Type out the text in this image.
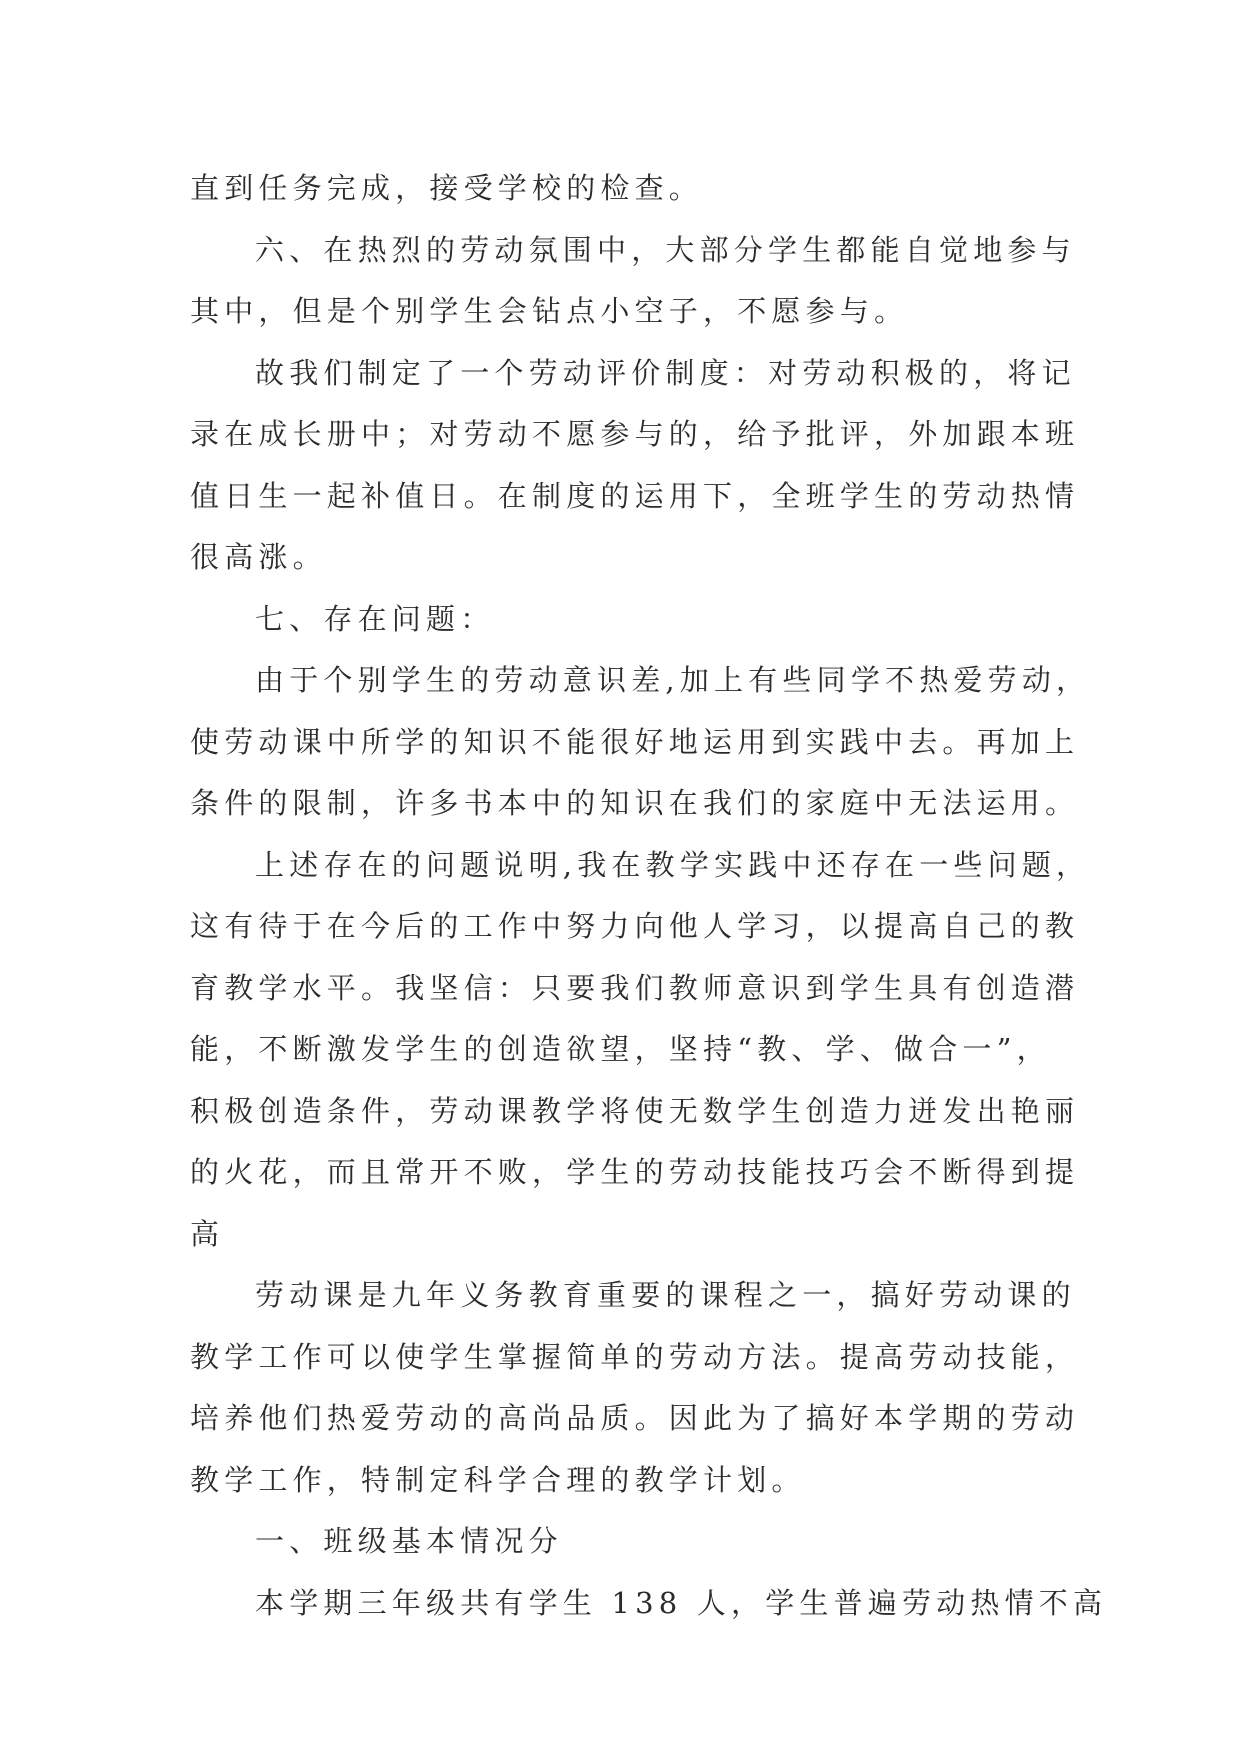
直到任务完成，接受学校的检查。
六、在热烈的劳动氛围中，大部分学生都能自觉地参与
其中，但是个别学生会钻点小空子，不愿参与。
故我们制定了一个劳动评价制度：对劳动积极的，将记
录在成长册中；对劳动不愿参与的，给予批评，外加跟本班
值日生一起补值日。在制度的运用下，全班学生的劳动热情
很高涨。
七、存在问题：
由于个别学生的劳动意识差,加上有些同学不热爱劳动，
使劳动课中所学的知识不能很好地运用到实践中去。再加上
条件的限制，许多书本中的知识在我们的家庭中无法运用。
上述存在的问题说明,我在教学实践中还存在一些问题，
这有待于在今后的工作中努力向他人学习，以提高自己的教
育教学水平。我坚信：只要我们教师意识到学生具有创造潜
能，不断激发学生的创造欲望，坚持“教、学、做合一”，
积极创造条件，劳动课教学将使无数学生创造力迸发出艳丽
的火花，而且常开不败，学生的劳动技能技巧会不断得到提
高
劳动课是九年义务教育重要的课程之一，搞好劳动课的
教学工作可以使学生掌握简单的劳动方法。提高劳动技能，
培养他们热爱劳动的高尚品质。因此为了搞好本学期的劳动
教学工作，特制定科学合理的教学计划。
一、班级基本情况分
本学期三年级共有学生 138 人，学生普遍劳动热情不高
